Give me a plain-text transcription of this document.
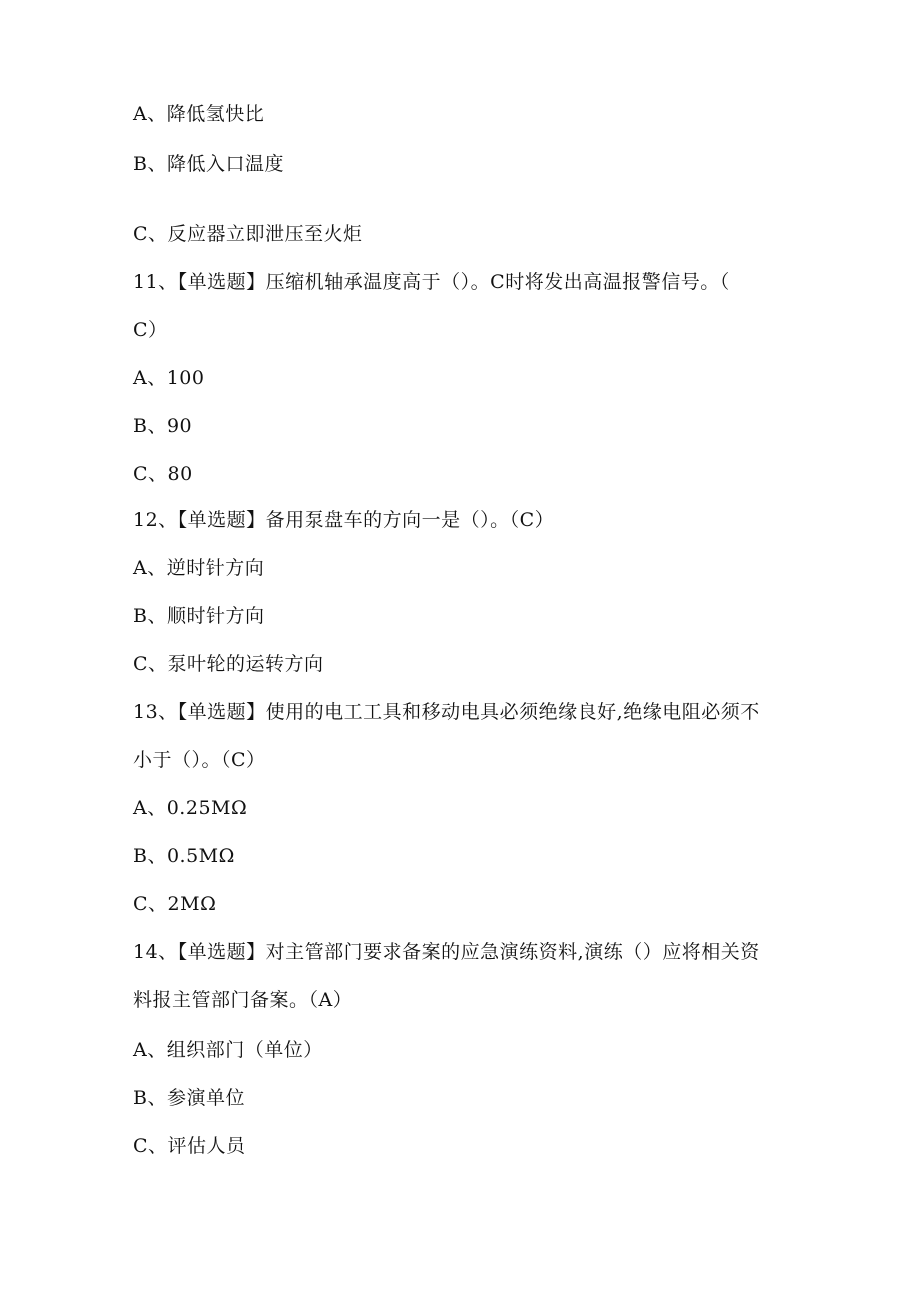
A、降低氢快比
B、降低入口温度
C、反应器立即泄压至火炬
11、【单选题】压缩机轴承温度高于（）。C时将发出高温报警信号。（
C）
A、100
B、90
C、80
12、【单选题】备用泵盘车的方向一是（）。（C）
A、逆时针方向
B、顺时针方向
C、泵叶轮的运转方向
13、【单选题】使用的电工工具和移动电具必须绝缘良好,绝缘电阻必须不
小于（）。（C）
A、0.25MΩ
B、0.5MΩ
C、2MΩ
14、【单选题】对主管部门要求备案的应急演练资料,演练（）应将相关资
料报主管部门备案。（A）
A、组织部门（单位）
B、参演单位
C、评估人员
